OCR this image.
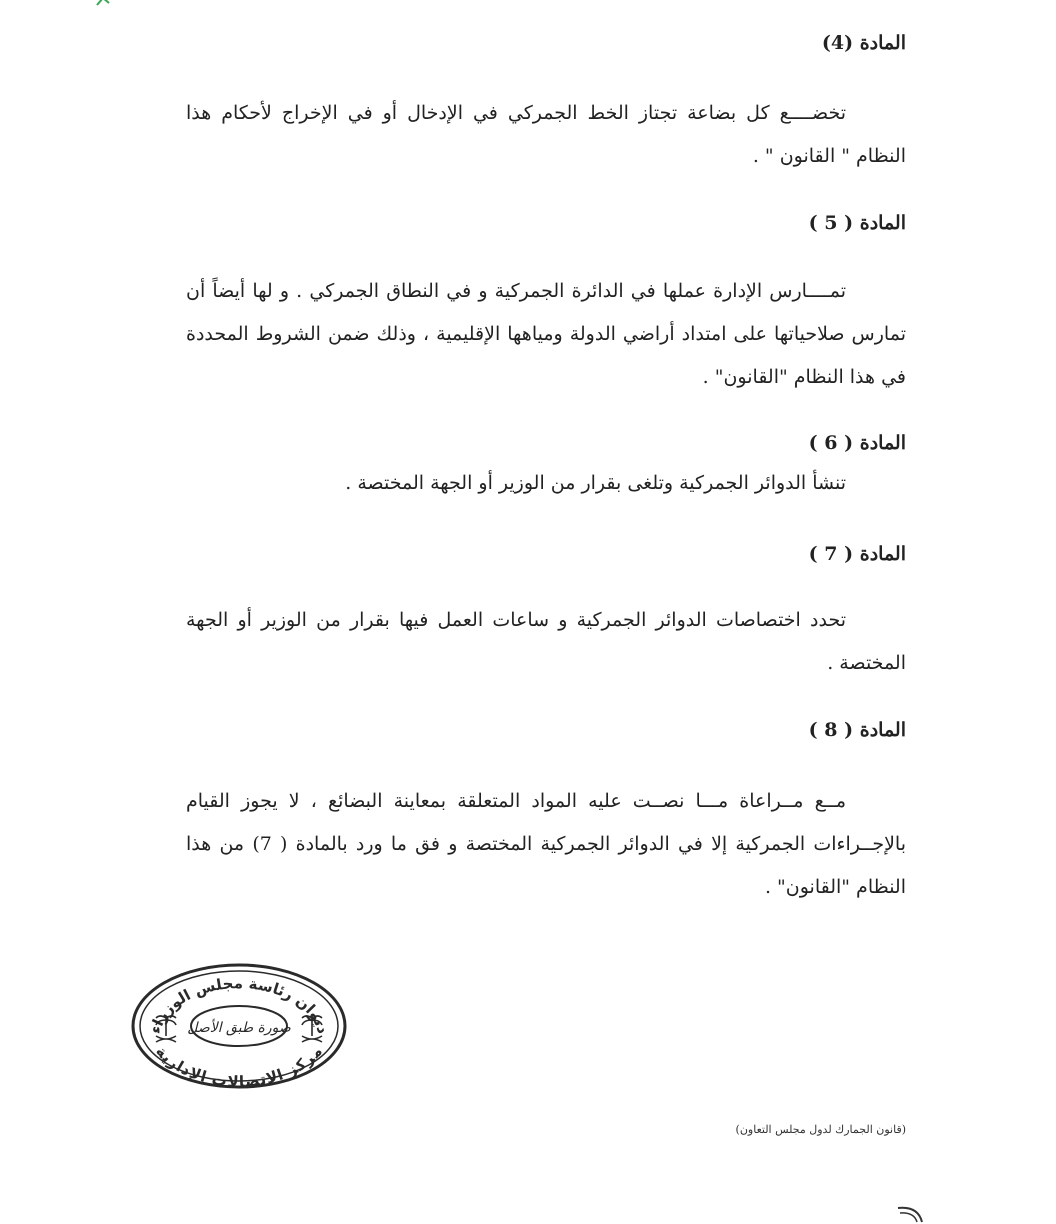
المادة (4)

تخضــــع كل بضاعة تجتاز الخط الجمركي في الإدخال أو في الإخراج لأحكام هذا النظام " القانون " .

المادة ( 5 )

تمــــارس الإدارة عملها في الدائرة الجمركية و في النطاق الجمركي . و لها أيضاً أن تمارس صلاحياتها على امتداد أراضي الدولة ومياهها الإقليمية ، وذلك ضمن الشروط المحددة في هذا النظام "القانون" .

المادة ( 6 )

تنشأ الدوائر الجمركية وتلغى بقرار من الوزير أو الجهة المختصة .

المادة ( 7 )

تحدد اختصاصات الدوائر الجمركية و ساعات العمل فيها بقرار من الوزير أو الجهة المختصة .

المادة ( 8 )

مــع مــراعاة مـــا نصــت عليه المواد المتعلقة بمعاينة البضائع ، لا يجوز القيام بالإجــراءات الجمركية إلا في الدوائر الجمركية المختصة و فق ما ورد بالمادة ( 7) من هذا النظام "القانون" .

ديوان رئاسة مجلس الوزراء
مركز الاتصالات الإدارية
صورة طبق الأصل
(قانون الجمارك لدول مجلس التعاون)
